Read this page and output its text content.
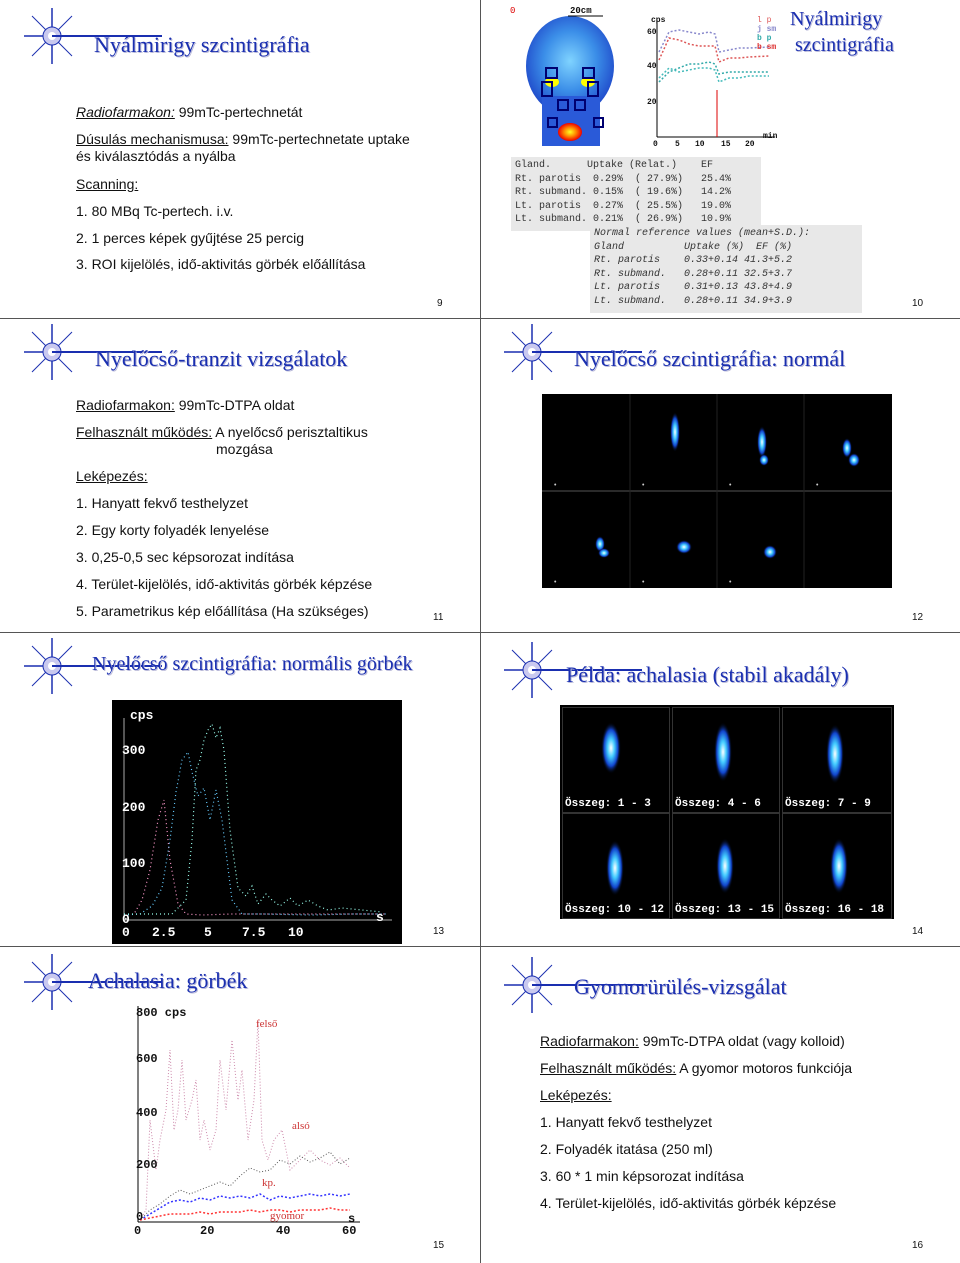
Nyálmirigy szcintigráfia
Radiofarmakon: 99mTc-pertechnetát
Dúsulás mechanismusa: 99mTc-pertechnetate uptake
és kiválasztódás a nyálba
Scanning:
1. 80 MBq Tc-pertech. i.v.
2. 1 perces képek gyűjtése 25 percig
3. ROI kijelölés, idő-aktivitás görbék előállítása
9
Nyálmirigy
szcintigráfia
0	20cm
cps
60
40
20
l p
j sm
b p
b sm
0 5 10 15 20
min
Gland.      Uptake (Relat.)    EF
Rt. parotis  0.29%  ( 27.9%)   25.4%
Rt. submand. 0.15%  ( 19.6%)   14.2%
Lt. parotis  0.27%  ( 25.5%)   19.0%
Lt. submand. 0.21%  ( 26.9%)   10.9%
Normal reference values (mean+S.D.):
Gland          Uptake (%)  EF (%)
Rt. parotis    0.33+0.14 41.3+5.2
Rt. submand.   0.28+0.11 32.5+3.7
Lt. parotis    0.31+0.13 43.8+4.9
Lt. submand.   0.28+0.11 34.9+3.9	10
Nyelőcső-tranzit vizsgálatok
Radiofarmakon: 99mTc-DTPA oldat
Felhasznált működés: A nyelőcső perisztaltikus
mozgása
Leképezés:
1. Hanyatt fekvő testhelyzet
2. Egy korty folyadék lenyelése
3. 0,25-0,5 sec képsorozat indítása
4. Terület-kijelölés, idő-aktivitás görbék képzése
5. Parametrikus kép előállítása (Ha szükséges)	11
Nyelőcső szcintigráfia: normál
•	•	•	•
•	•	•
12
Nyelőcső szcintigráfia: normális görbék
cps
300
200
100
0
0 2.5 5 7.5 10
s
13
Példa: achalasia (stabil akadály)
Összeg: 1 - 3 Összeg: 4 - 6 Összeg: 7 - 9
Összeg: 10 - 12 Összeg: 13 - 15 Összeg: 16 - 18
14
Achalasia: görbék
800 cps
600
400
200
0
0	20	40	60
s
felső
alsó
kp.
gyomor
15
Gyomorürülés-vizsgálat
Radiofarmakon: 99mTc-DTPA oldat (vagy kolloid)
Felhasznált működés: A gyomor motoros funkciója
Leképezés:
1. Hanyatt fekvő testhelyzet
2. Folyadék itatása (250 ml)
3. 60 * 1 min képsorozat indítása
4. Terület-kijelölés, idő-aktivitás görbék képzése
16
